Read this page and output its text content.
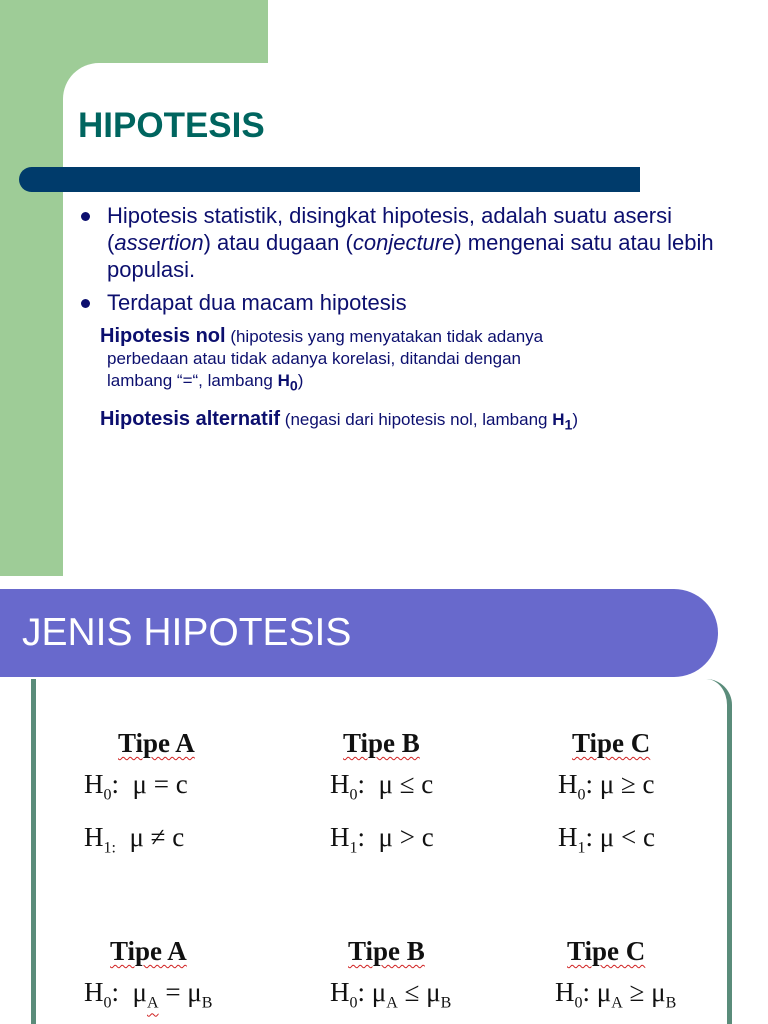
HIPOTESIS
Hipotesis statistik, disingkat hipotesis, adalah suatu asersi (assertion) atau dugaan (conjecture) mengenai satu atau lebih populasi.
Terdapat dua macam hipotesis
Hipotesis nol (hipotesis yang menyatakan tidak adanya
perbedaan atau tidak adanya korelasi, ditandai dengan
lambang “=“, lambang $H_0$)
Hipotesis alternatif (negasi dari hipotesis nol, lambang $H_1$)
JENIS HIPOTESIS
Tipe A
$H_0$: μ = c
$H_{1:}$ μ ≠ c
Tipe B
$H_0$: μ ≤ c
$H_1$: μ > c
Tipe C
$H_0$: μ ≥ c
$H_1$: μ < c
Tipe A
$H_0$: $\mu_A = \mu_B$
Tipe B
$H_0$: $\mu_A \le \mu_B$
Tipe C
$H_0$: $\mu_A \ge \mu_B$
